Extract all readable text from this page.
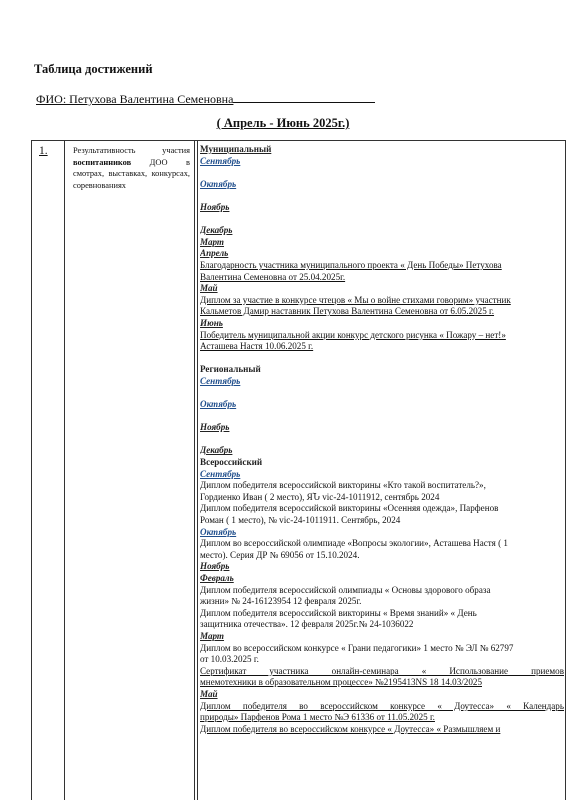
Таблица достижений
ФИО: Петухова Валентина Семеновна
( Апрель - Июнь 2025г.)
1.	Результативность участия воспитанников ДОО в смотрах, выставках, конкурсах, соревнованиях
Муниципальный
Сентябрь
Октябрь
Ноябрь
Декабрь
Март
Апрель
Благодарность участника муниципального проекта « День Победы» Петухова
Валентина Семеновна от 25.04.2025г.
Май
Диплом за участие в конкурсе чтецов « Мы о войне стихами говорим» участник
Кальметов Дамир наставник Петухова Валентина Семеновна от 6.05.2025 г.
Июнь
Победитель муниципальной акции конкурс детского рисунка « Пожару – нет!»
Асташева Настя 10.06.2025 г.
Региональный
Сентябрь
Октябрь
Ноябрь
Декабрь
Всероссийский
Сентябрь
Диплом победителя всероссийской викторины «Кто такой воспитатель?»,
Гордиенко Иван ( 2 место), ЯՆ vic-24-1011912, сентябрь 2024
Диплом победителя всероссийской викторины «Осенняя одежда», Парфенов
Роман ( 1 место), № vic-24-1011911. Сентябрь, 2024
Октябрь
Диплом во всероссийской олимпиаде «Вопросы экологии», Асташева Настя ( 1
место). Серия ДР № 69056 от 15.10.2024.
Ноябрь
Февраль
Диплом победителя всероссийской олимпиады « Основы здорового образа
жизни» № 24-16123954 12 февраля 2025г.
Диплом победителя всероссийской викторины « Время знаний» « День
защитника отечества». 12 февраля 2025г.№ 24-1036022
Март
Диплом во всероссийском конкурсе « Грани педагогики» 1 место № ЭЛ № 62797
от 10.03.2025 г.
Сертификат участника онлайн-семинара « Использование приемов
мнемотехники в образовательном процессе» №2195413NS 18 14.03/2025
Май
Диплом победителя во всероссийском конкурсе « Доутесса» « Календарь
природы» Парфенов Рома 1 место №Э 61336 от 11.05.2025 г.
Диплом победителя во всероссийском конкурсе « Доутесса» « Размышляем и
